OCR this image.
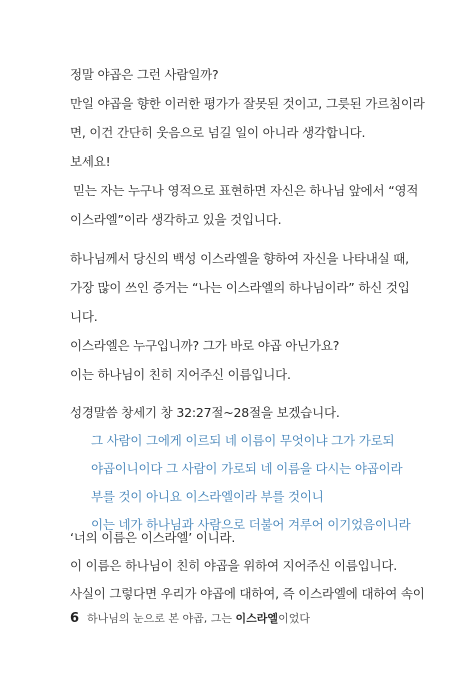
정말 야곱은 그런 사람일까?
만일 야곱을 향한 이러한 평가가 잘못된 것이고, 그릇된 가르침이라
면, 이건 간단히 웃음으로 넘길 일이 아니라 생각합니다.
보세요!
믿는 자는 누구나 영적으로 표현하면 자신은 하나님 앞에서 “영적
이스라엘”이라 생각하고 있을 것입니다.
하나님께서 당신의 백성 이스라엘을 향하여 자신을 나타내실 때,
가장 많이 쓰인 증거는 “나는 이스라엘의 하나님이라” 하신 것입
니다.
이스라엘은 누구입니까? 그가 바로 야곱 아닌가요?
이는 하나님이 친히 지어주신 이름입니다.
성경말씀 창세기 창 32:27절~28절을 보겠습니다.
그 사람이 그에게 이르되 네 이름이 무엇이냐 그가 가로되
야곱이니이다 그 사람이 가로되 네 이름을 다시는 야곱이라
부를 것이 아니요 이스라엘이라 부를 것이니
이는 네가 하나님과 사람으로 더불어 겨루어 이기었음이니라
‘너의 이름은 이스라엘’ 이니라.
이 이름은 하나님이 친히 야곱을 위하여 지어주신 이름입니다.
사실이 그렇다면 우리가 야곱에 대하여, 즉 이스라엘에 대하여 속이
6 하나님의 눈으로 본 야곱, 그는 이스라엘이었다
